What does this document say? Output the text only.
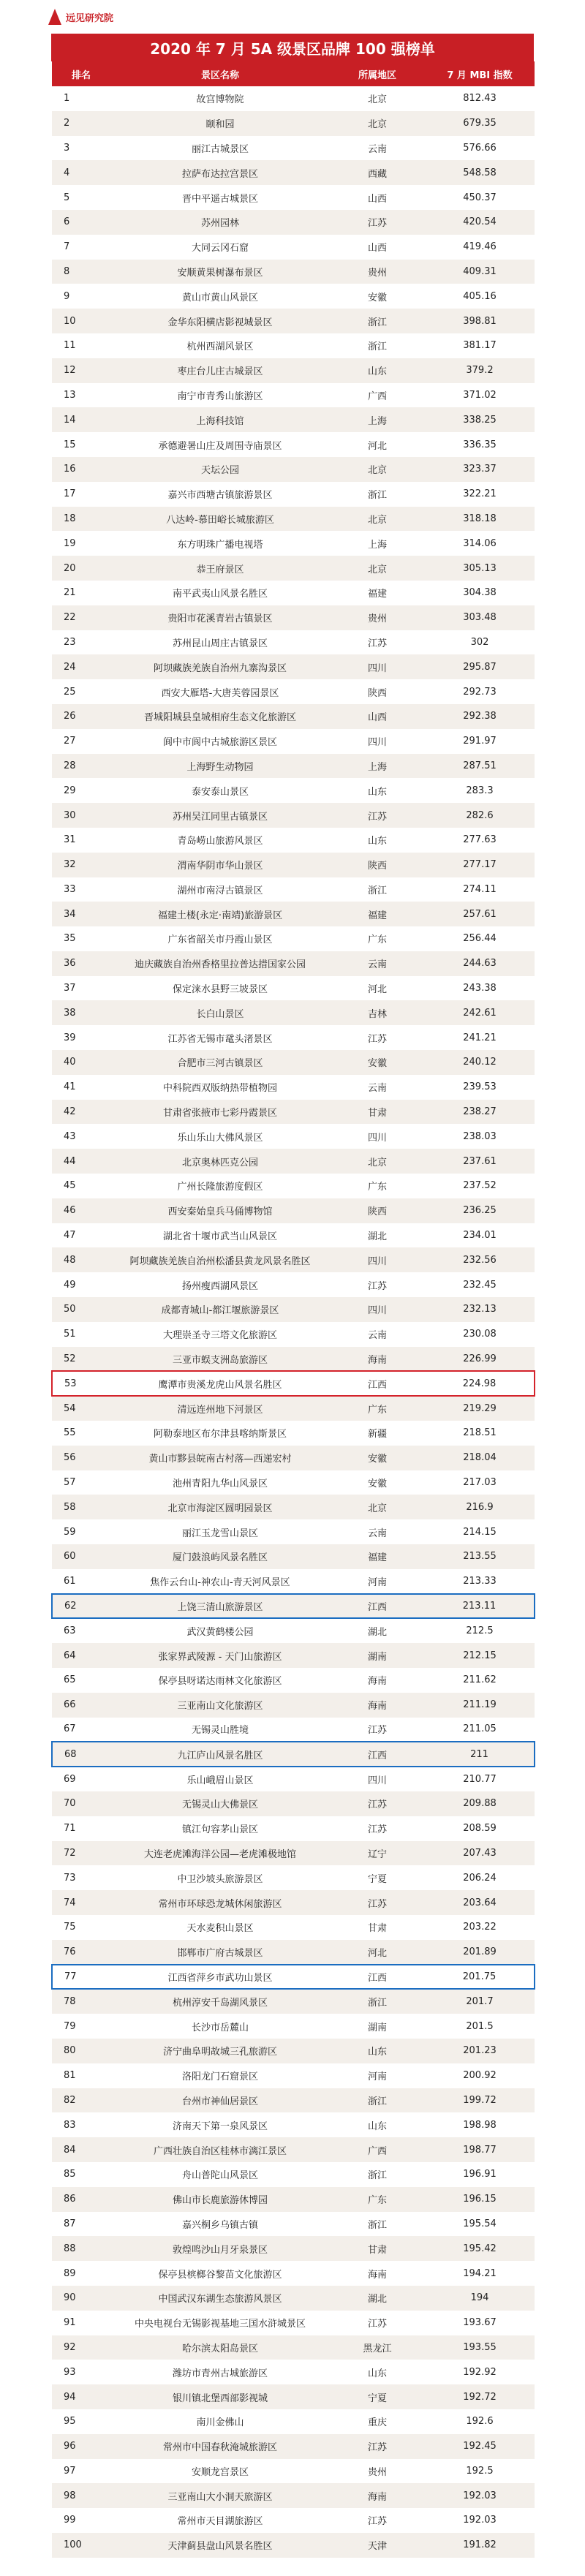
远见研究院
2020 年 7 月 5A 级景区品牌 100 强榜单
排名	景区名称	所属地区	7 月 MBI 指数
1	故宫博物院	北京	812.43
2	颐和园	北京	679.35
3	丽江古城景区	云南	576.66
4	拉萨布达拉宫景区	西藏	548.58
5	晋中平遥古城景区	山西	450.37
6	苏州园林	江苏	420.54
7	大同云冈石窟	山西	419.46
8	安顺黄果树瀑布景区	贵州	409.31
9	黄山市黄山风景区	安徽	405.16
10	金华东阳横店影视城景区	浙江	398.81
11	杭州西湖风景区	浙江	381.17
12	枣庄台儿庄古城景区	山东	379.2
13	南宁市青秀山旅游区	广西	371.02
14	上海科技馆	上海	338.25
15	承德避暑山庄及周围寺庙景区	河北	336.35
16	天坛公园	北京	323.37
17	嘉兴市西塘古镇旅游景区	浙江	322.21
18	八达岭-慕田峪长城旅游区	北京	318.18
19	东方明珠广播电视塔	上海	314.06
20	恭王府景区	北京	305.13
21	南平武夷山风景名胜区	福建	304.38
22	贵阳市花溪青岩古镇景区	贵州	303.48
23	苏州昆山周庄古镇景区	江苏	302
24	阿坝藏族羌族自治州九寨沟景区	四川	295.87
25	西安大雁塔-大唐芙蓉园景区	陕西	292.73
26	晋城阳城县皇城相府生态文化旅游区	山西	292.38
27	阆中市阆中古城旅游区景区	四川	291.97
28	上海野生动物园	上海	287.51
29	泰安泰山景区	山东	283.3
30	苏州吴江同里古镇景区	江苏	282.6
31	青岛崂山旅游风景区	山东	277.63
32	渭南华阴市华山景区	陕西	277.17
33	湖州市南浔古镇景区	浙江	274.11
34	福建土楼(永定·南靖)旅游景区	福建	257.61
35	广东省韶关市丹霞山景区	广东	256.44
36	迪庆藏族自治州香格里拉普达措国家公园	云南	244.63
37	保定涞水县野三坡景区	河北	243.38
38	长白山景区	吉林	242.61
39	江苏省无锡市鼋头渚景区	江苏	241.21
40	合肥市三河古镇景区	安徽	240.12
41	中科院西双版纳热带植物园	云南	239.53
42	甘肃省张掖市七彩丹霞景区	甘肃	238.27
43	乐山乐山大佛风景区	四川	238.03
44	北京奥林匹克公园	北京	237.61
45	广州长隆旅游度假区	广东	237.52
46	西安秦始皇兵马俑博物馆	陕西	236.25
47	湖北省十堰市武当山风景区	湖北	234.01
48	阿坝藏族羌族自治州松潘县黄龙风景名胜区	四川	232.56
49	扬州瘦西湖风景区	江苏	232.45
50	成都青城山-都江堰旅游景区	四川	232.13
51	大理崇圣寺三塔文化旅游区	云南	230.08
52	三亚市蜈支洲岛旅游区	海南	226.99
53	鹰潭市贵溪龙虎山风景名胜区	江西	224.98
54	清远连州地下河景区	广东	219.29
55	阿勒泰地区布尔津县喀纳斯景区	新疆	218.51
56	黄山市黟县皖南古村落—西递宏村	安徽	218.04
57	池州青阳九华山风景区	安徽	217.03
58	北京市海淀区圆明园景区	北京	216.9
59	丽江玉龙雪山景区	云南	214.15
60	厦门鼓浪屿风景名胜区	福建	213.55
61	焦作云台山-神农山-青天河风景区	河南	213.33
62	上饶三清山旅游景区	江西	213.11
63	武汉黄鹤楼公园	湖北	212.5
64	张家界武陵源 - 天门山旅游区	湖南	212.15
65	保亭县呀诺达雨林文化旅游区	海南	211.62
66	三亚南山文化旅游区	海南	211.19
67	无锡灵山胜境	江苏	211.05
68	九江庐山风景名胜区	江西	211
69	乐山峨眉山景区	四川	210.77
70	无锡灵山大佛景区	江苏	209.88
71	镇江句容茅山景区	江苏	208.59
72	大连老虎滩海洋公园—老虎滩极地馆	辽宁	207.43
73	中卫沙坡头旅游景区	宁夏	206.24
74	常州市环球恐龙城休闲旅游区	江苏	203.64
75	天水麦积山景区	甘肃	203.22
76	邯郸市广府古城景区	河北	201.89
77	江西省萍乡市武功山景区	江西	201.75
78	杭州淳安千岛湖风景区	浙江	201.7
79	长沙市岳麓山	湖南	201.5
80	济宁曲阜明故城三孔旅游区	山东	201.23
81	洛阳龙门石窟景区	河南	200.92
82	台州市神仙居景区	浙江	199.72
83	济南天下第一泉风景区	山东	198.98
84	广西壮族自治区桂林市漓江景区	广西	198.77
85	舟山普陀山风景区	浙江	196.91
86	佛山市长鹿旅游休博园	广东	196.15
87	嘉兴桐乡乌镇古镇	浙江	195.54
88	敦煌鸣沙山月牙泉景区	甘肃	195.42
89	保亭县槟榔谷黎苗文化旅游区	海南	194.21
90	中国武汉东湖生态旅游风景区	湖北	194
91	中央电视台无锡影视基地三国水浒城景区	江苏	193.67
92	哈尔滨太阳岛景区	黑龙江	193.55
93	潍坊市青州古城旅游区	山东	192.92
94	银川镇北堡西部影视城	宁夏	192.72
95	南川金佛山	重庆	192.6
96	常州市中国春秋淹城旅游区	江苏	192.45
97	安顺龙宫景区	贵州	192.5
98	三亚南山大小洞天旅游区	海南	192.03
99	常州市天目湖旅游区	江苏	192.03
100	天津蓟县盘山风景名胜区	天津	191.82
